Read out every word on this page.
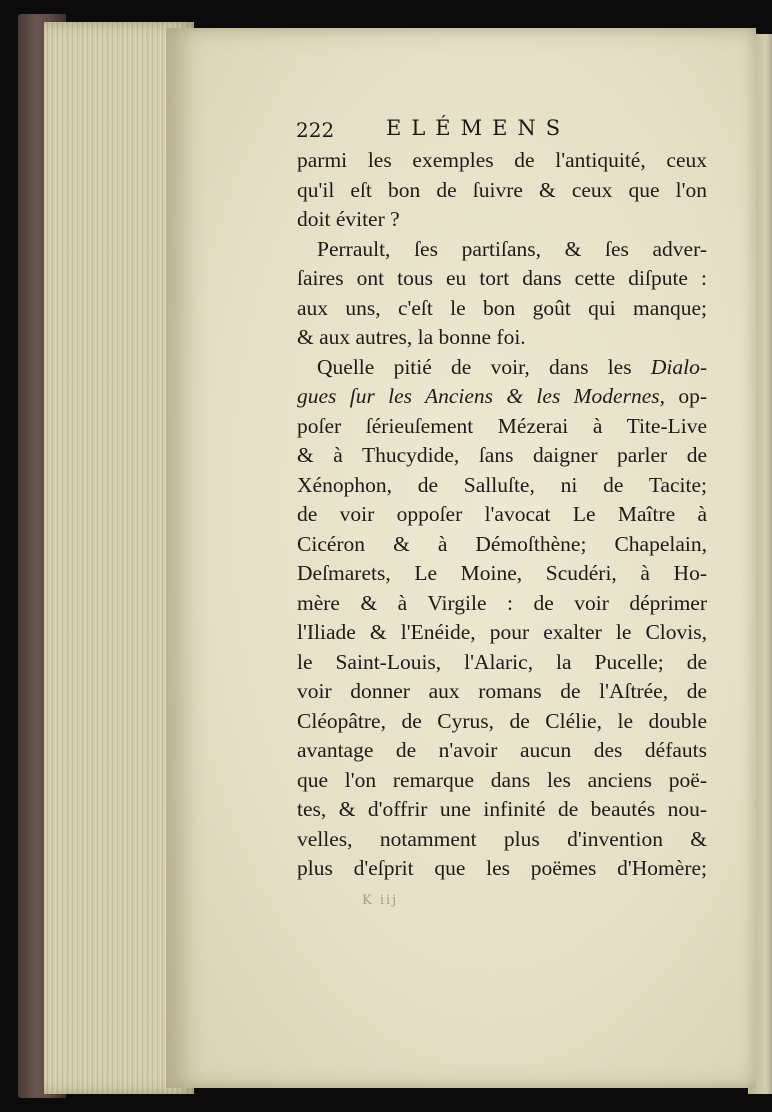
222 ELÉMENS
parmi les exemples de l'antiquité, ceux
qu'il eſt bon de ſuivre & ceux que l'on
doit éviter ?
Perrault, ſes partiſans, & ſes adver-
ſaires ont tous eu tort dans cette diſpute :
aux uns, c'eſt le bon goût qui manque;
& aux autres, la bonne foi.
Quelle pitié de voir, dans les Dialo-
gues ſur les Anciens & les Modernes, op-
poſer ſérieuſement Mézerai à Tite-Live
& à Thucydide, ſans daigner parler de
Xénophon, de Salluſte, ni de Tacite;
de voir oppoſer l'avocat Le Maître à
Cicéron & à Démoſthène; Chapelain,
Deſmarets, Le Moine, Scudéri, à Ho-
mère & à Virgile : de voir déprimer
l'Iliade & l'Enéide, pour exalter le Clovis,
le Saint-Louis, l'Alaric, la Pucelle; de
voir donner aux romans de l'Aſtrée, de
Cléopâtre, de Cyrus, de Clélie, le double
avantage de n'avoir aucun des défauts
que l'on remarque dans les anciens poë-
tes, & d'offrir une infinité de beautés nou-
velles, notamment plus d'invention &
plus d'eſprit que les poëmes d'Homère;
K iij
